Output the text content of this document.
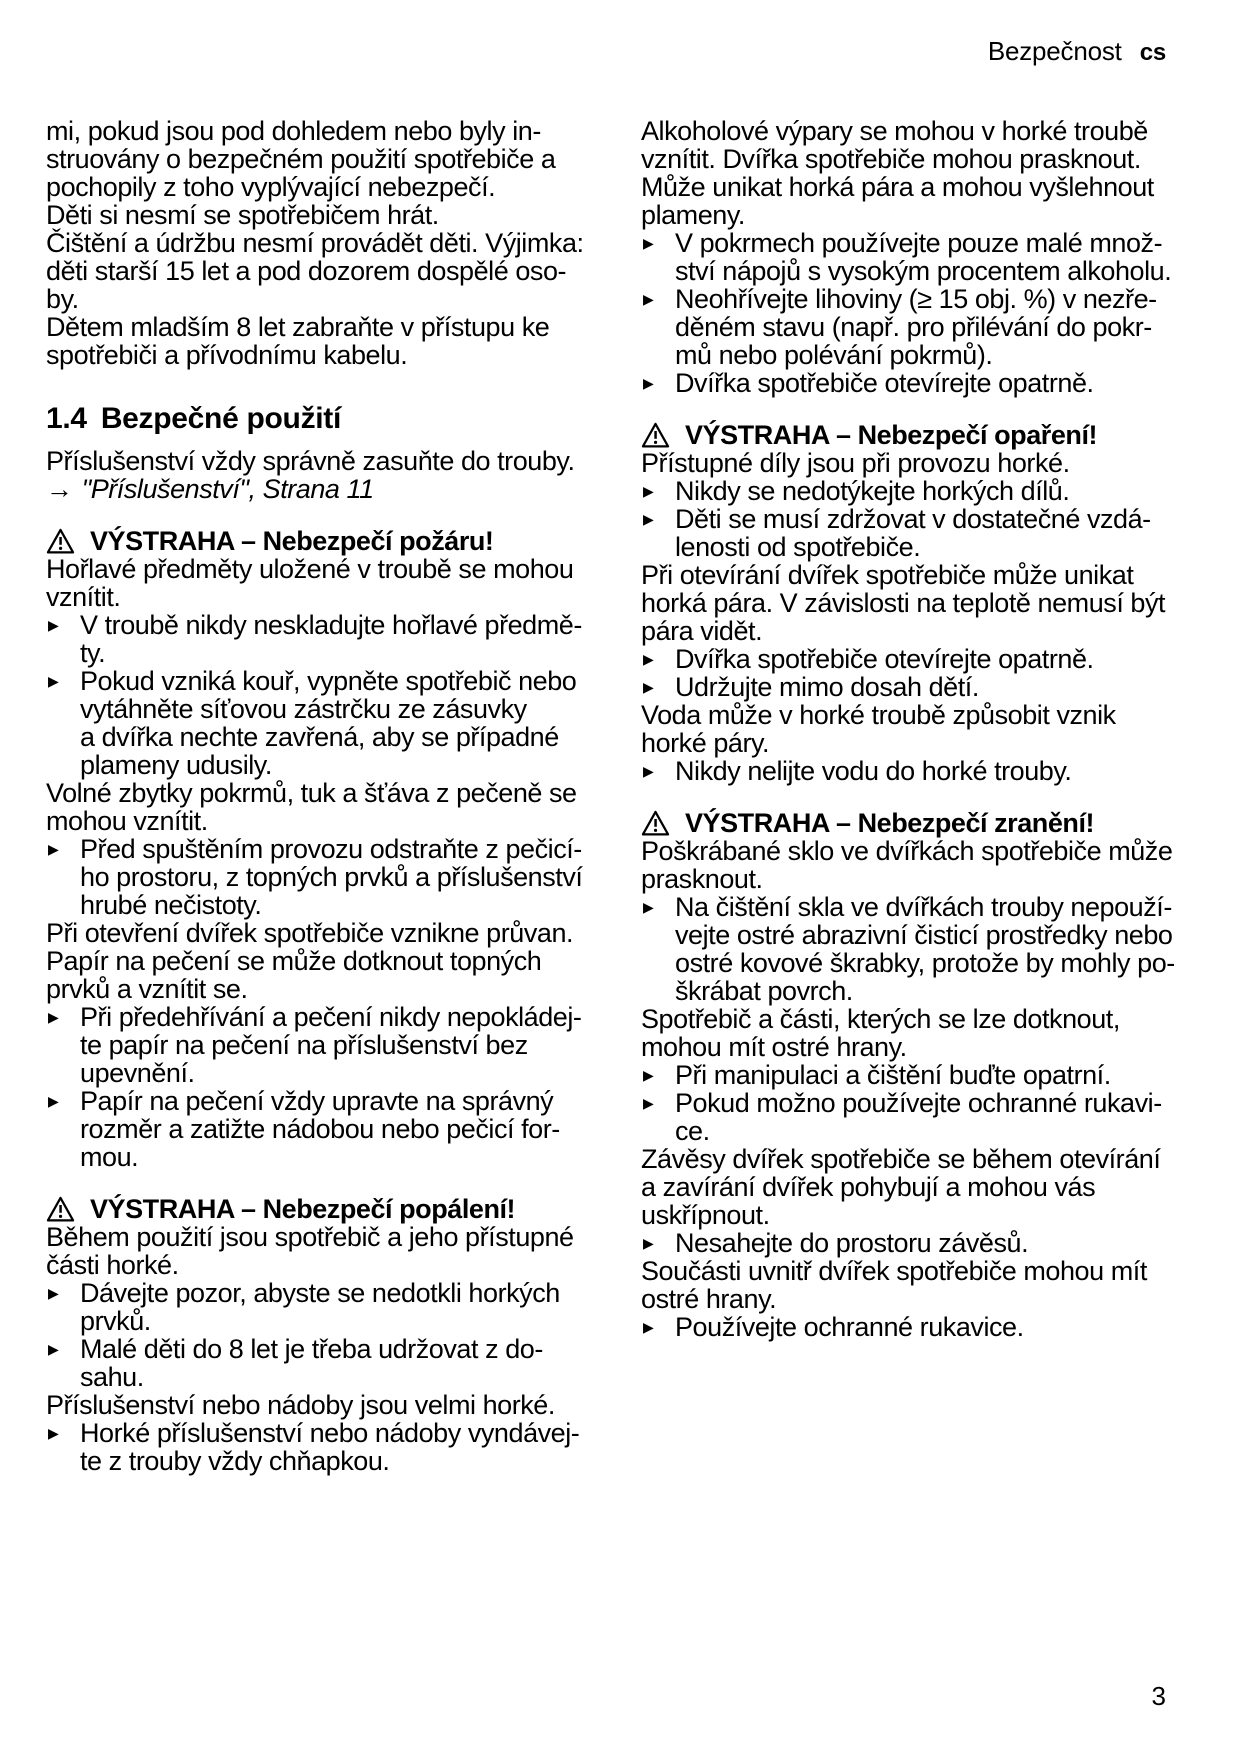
Bezpečnost cs
mi, pokud jsou pod dohledem nebo byly in-
struovány o bezpečném použití spotřebiče a
pochopily z toho vyplývající nebezpečí.
Děti si nesmí se spotřebičem hrát.
Čištění a údržbu nesmí provádět děti. Výjimka:
děti starší 15 let a pod dozorem dospělé oso-
by.
Dětem mladším 8 let zabraňte v přístupu ke
spotřebiči a přívodnímu kabelu.
1.4 Bezpečné použití
Příslušenství vždy správně zasuňte do trouby.
→ "Příslušenství", Strana 11
VÝSTRAHA – Nebezpečí požáru!
Hořlavé předměty uložené v troubě se mohou
vznítit.
▶ V troubě nikdy neskladujte hořlavé předmě-
ty.
▶ Pokud vzniká kouř, vypněte spotřebič nebo
vytáhněte síťovou zástrčku ze zásuvky
a dvířka nechte zavřená, aby se případné
plameny udusily.
Volné zbytky pokrmů, tuk a šťáva z pečeně se
mohou vznítit.
▶ Před spuštěním provozu odstraňte z pečicí-
ho prostoru, z topných prvků a příslušenství
hrubé nečistoty.
Při otevření dvířek spotřebiče vznikne průvan.
Papír na pečení se může dotknout topných
prvků a vznítit se.
▶ Při předehřívání a pečení nikdy nepokládej-
te papír na pečení na příslušenství bez
upevnění.
▶ Papír na pečení vždy upravte na správný
rozměr a zatižte nádobou nebo pečicí for-
mou.
VÝSTRAHA – Nebezpečí popálení!
Během použití jsou spotřebič a jeho přístupné
části horké.
▶ Dávejte pozor, abyste se nedotkli horkých
prvků.
▶ Malé děti do 8 let je třeba udržovat z do-
sahu.
Příslušenství nebo nádoby jsou velmi horké.
▶ Horké příslušenství nebo nádoby vyndávej-
te z trouby vždy chňapkou.
Alkoholové výpary se mohou v horké troubě
vznítit. Dvířka spotřebiče mohou prasknout.
Může unikat horká pára a mohou vyšlehnout
plameny.
▶ V pokrmech používejte pouze malé množ-
ství nápojů s vysokým procentem alkoholu.
▶ Neohřívejte lihoviny (≥ 15 obj. %) v nezře-
děném stavu (např. pro přilévání do pokr-
mů nebo polévání pokrmů).
▶ Dvířka spotřebiče otevírejte opatrně.
VÝSTRAHA – Nebezpečí opaření!
Přístupné díly jsou při provozu horké.
▶ Nikdy se nedotýkejte horkých dílů.
▶ Děti se musí zdržovat v dostatečné vzdá-
lenosti od spotřebiče.
Při otevírání dvířek spotřebiče může unikat
horká pára. V závislosti na teplotě nemusí být
pára vidět.
▶ Dvířka spotřebiče otevírejte opatrně.
▶ Udržujte mimo dosah dětí.
Voda může v horké troubě způsobit vznik
horké páry.
▶ Nikdy nelijte vodu do horké trouby.
VÝSTRAHA – Nebezpečí zranění!
Poškrábané sklo ve dvířkách spotřebiče může
prasknout.
▶ Na čištění skla ve dvířkách trouby nepouží-
vejte ostré abrazivní čisticí prostředky nebo
ostré kovové škrabky, protože by mohly po-
škrábat povrch.
Spotřebič a části, kterých se lze dotknout,
mohou mít ostré hrany.
▶ Při manipulaci a čištění buďte opatrní.
▶ Pokud možno používejte ochranné rukavi-
ce.
Závěsy dvířek spotřebiče se během otevírání
a zavírání dvířek pohybují a mohou vás
uskřípnout.
▶ Nesahejte do prostoru závěsů.
Součásti uvnitř dvířek spotřebiče mohou mít
ostré hrany.
▶ Používejte ochranné rukavice.
3
